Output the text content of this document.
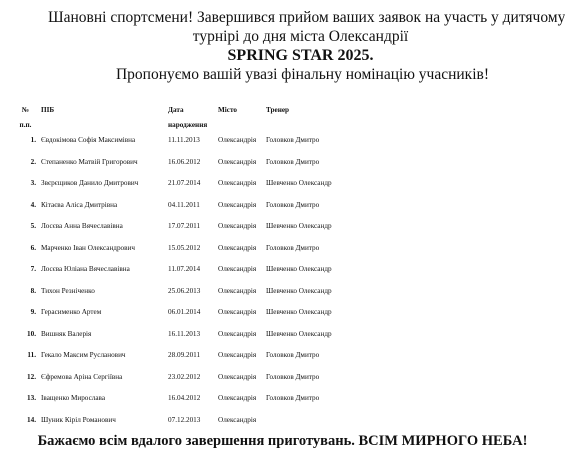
Шановні спортсмени! Завершився прийом ваших заявок на участь у дитячому
турнірі до дня міста Олександрії
SPRING STAR 2025.
Пропонуємо вашій увазі фінальну номінацію учасників!
№
п.п.	ПІБ	Дата
народження	Місто	Тренер
1.	Євдокімова Софія Максимівна	11.11.2013	Олександрія	Головков Дмитро
2.	Степаненко Матвій Григорович	16.06.2012	Олександрія	Головков Дмитро
3.	Звєрєщиков Данило Дмитрович	21.07.2014	Олександрія	Шевченко Олександр
4.	Кітаєва Аліса Дмитрівна	04.11.2011	Олександрія	Головков Дмитро
5.	Лосєва Анна Вячеславівна	17.07.2011	Олександрія	Шевченко Олександр
6.	Марченко Іван Олександрович	15.05.2012	Олександрія	Головков Дмитро
7.	Лосєва Юліана Вячеславівна	11.07.2014	Олександрія	Шевченко Олександр
8.	Тихон Резніченко	25.06.2013	Олександрія	Шевченко Олександр
9.	Герасименко Артем	06.01.2014	Олександрія	Шевченко Олександр
10.	Вишняк Валерія	16.11.2013	Олександрія	Шевченко Олександр
11.	Гекало Максим Русланович	28.09.2011	Олександрія	Головков Дмитро
12.	Єфремова Аріна Сергіївна	23.02.2012	Олександрія	Головков Дмитро
13.	Іващенко Мирослава	16.04.2012	Олександрія	Головков Дмитро
14.	Шуник Кіріл Романович	07.12.2013	Олександрія	
Бажаємо всім вдалого завершення приготувань. ВСІМ МИРНОГО НЕБА!
